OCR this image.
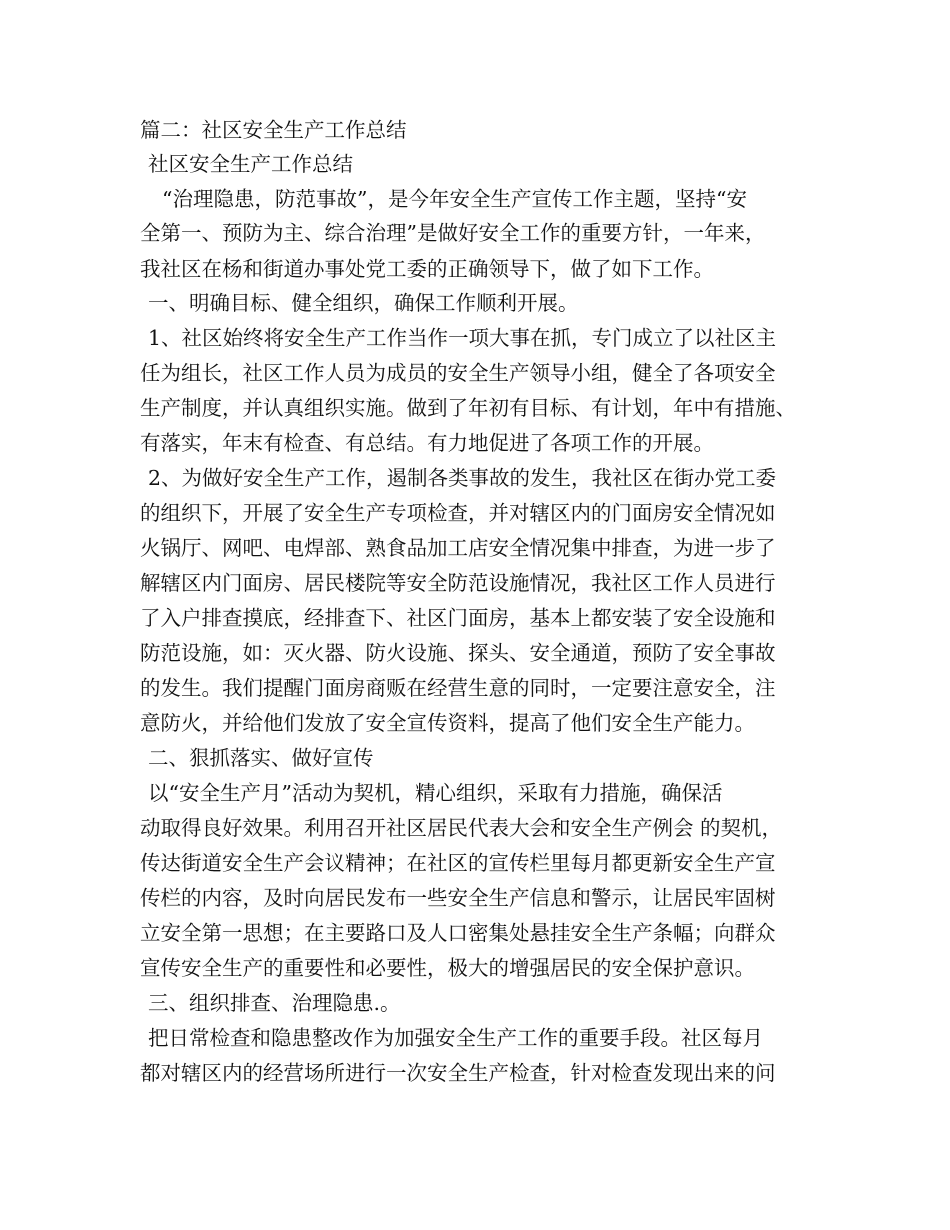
篇二：社区安全生产工作总结

社区安全生产工作总结

“治理隐患，防范事故”，是今年安全生产宣传工作主题，坚持“安

全第一、预防为主、综合治理”是做好安全工作的重要方针，一年来，

我社区在杨和街道办事处党工委的正确领导下，做了如下工作。

一、明确目标、健全组织，确保工作顺利开展。

1、社区始终将安全生产工作当作一项大事在抓，专门成立了以社区主

任为组长，社区工作人员为成员的安全生产领导小组，健全了各项安全

生产制度，并认真组织实施。做到了年初有目标、有计划，年中有措施、

有落实，年末有检查、有总结。有力地促进了各项工作的开展。

2、为做好安全生产工作，遏制各类事故的发生，我社区在街办党工委

的组织下，开展了安全生产专项检查，并对辖区内的门面房安全情况如

火锅厅、网吧、电焊部、熟食品加工店安全情况集中排查，为进一步了

解辖区内门面房、居民楼院等安全防范设施情况，我社区工作人员进行

了入户排查摸底，经排查下、社区门面房，基本上都安装了安全设施和

防范设施，如：灭火器、防火设施、探头、安全通道，预防了安全事故

的发生。我们提醒门面房商贩在经营生意的同时，一定要注意安全，注

意防火，并给他们发放了安全宣传资料，提高了他们安全生产能力。

二、狠抓落实、做好宣传

以“安全生产月”活动为契机，精心组织，采取有力措施，确保活

动取得良好效果。利用召开社区居民代表大会和安全生产例会 的契机，

传达街道安全生产会议精神；在社区的宣传栏里每月都更新安全生产宣

传栏的内容，及时向居民发布一些安全生产信息和警示，让居民牢固树

立安全第一思想；在主要路口及人口密集处悬挂安全生产条幅；向群众

宣传安全生产的重要性和必要性，极大的增强居民的安全保护意识。

三、组织排查、治理隐患.。

把日常检查和隐患整改作为加强安全生产工作的重要手段。社区每月

都对辖区内的经营场所进行一次安全生产检查，针对检查发现出来的问
